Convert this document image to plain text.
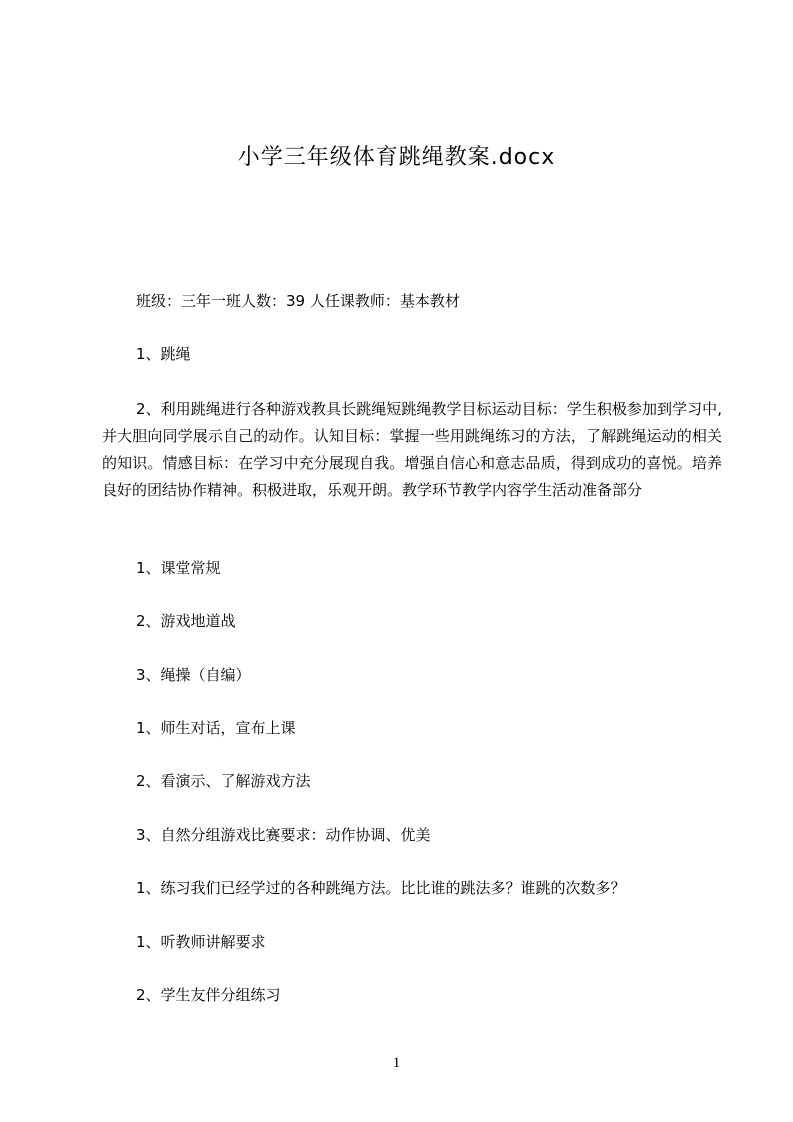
小学三年级体育跳绳教案.docx
班级：三年一班人数：39 人任课教师：基本教材
1、跳绳
2、利用跳绳进行各种游戏教具长跳绳短跳绳教学目标运动目标：学生积极参加到学习中,并大胆向同学展示自己的动作。认知目标：掌握一些用跳绳练习的方法，了解跳绳运动的相关的知识。情感目标：在学习中充分展现自我。增强自信心和意志品质，得到成功的喜悦。培养良好的团结协作精神。积极进取，乐观开朗。教学环节教学内容学生活动准备部分
1、课堂常规
2、游戏地道战
3、绳操（自编）
1、师生对话，宣布上课
2、看演示、了解游戏方法
3、自然分组游戏比赛要求：动作协调、优美
1、练习我们已经学过的各种跳绳方法。比比谁的跳法多？谁跳的次数多？
1、听教师讲解要求
2、学生友伴分组练习
1
